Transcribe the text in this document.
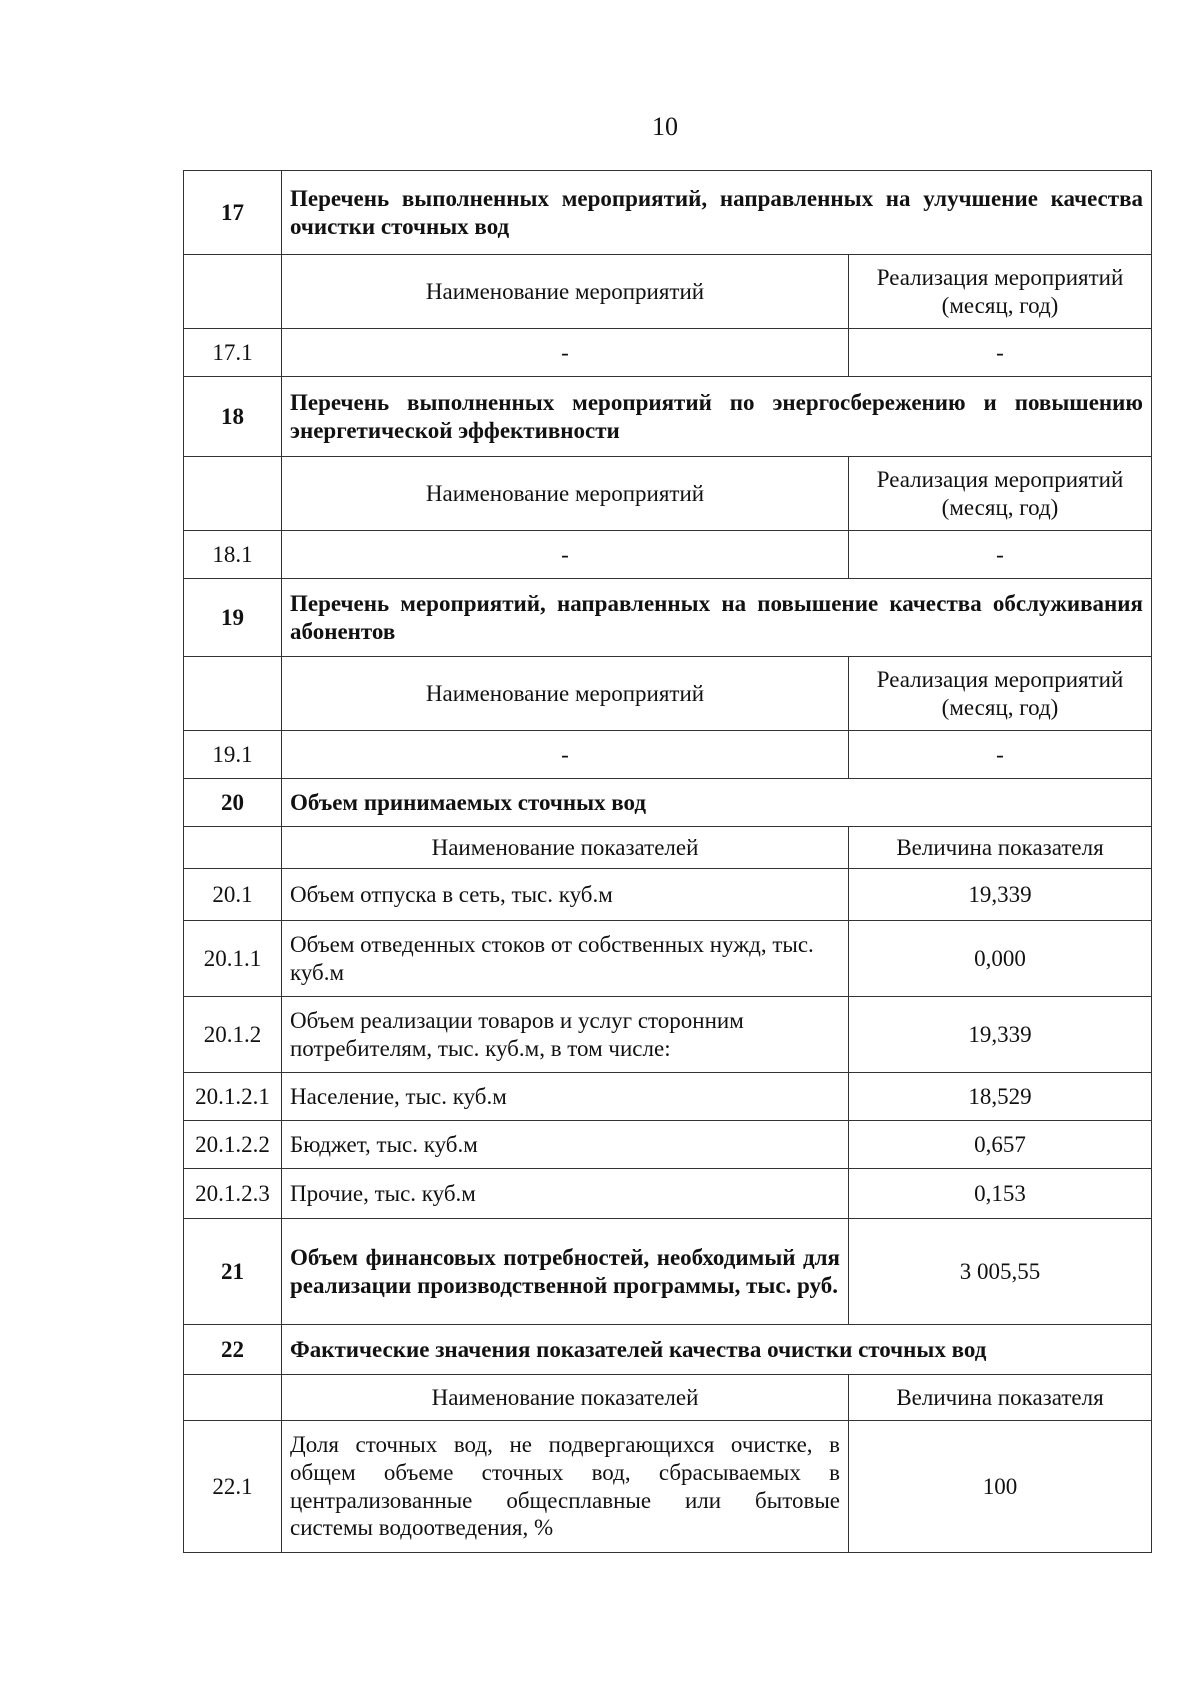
10
17	Перечень выполненных мероприятий, направленных на улучшение качества очистки сточных вод	
	Наименование мероприятий	Реализация мероприятий (месяц, год)
17.1	-	-
18	Перечень выполненных мероприятий по энергосбережению и повышению энергетической эффективности	
	Наименование мероприятий	Реализация мероприятий (месяц, год)
18.1	-	-
19	Перечень мероприятий, направленных на повышение качества обслуживания абонентов	
	Наименование мероприятий	Реализация мероприятий (месяц, год)
19.1	-	-
20	Объем принимаемых сточных вод	
	Наименование показателей	Величина показателя
20.1	Объем отпуска в сеть, тыс. куб.м	19,339
20.1.1	Объем отведенных стоков от собственных нужд, тыс. куб.м	0,000
20.1.2	Объем реализации товаров и услуг сторонним потребителям, тыс. куб.м, в том числе:	19,339
20.1.2.1	Население, тыс. куб.м	18,529
20.1.2.2	Бюджет, тыс. куб.м	0,657
20.1.2.3	Прочие, тыс. куб.м	0,153
21	Объем финансовых потребностей, необходимый для реализации производственной программы, тыс. руб.	3 005,55
22	Фактические значения показателей качества очистки сточных вод	
	Наименование показателей	Величина показателя
22.1	Доля сточных вод, не подвергающихся очистке, в общем объеме сточных вод, сбрасываемых в централизованные общесплавные или бытовые системы водоотведения, %	100
